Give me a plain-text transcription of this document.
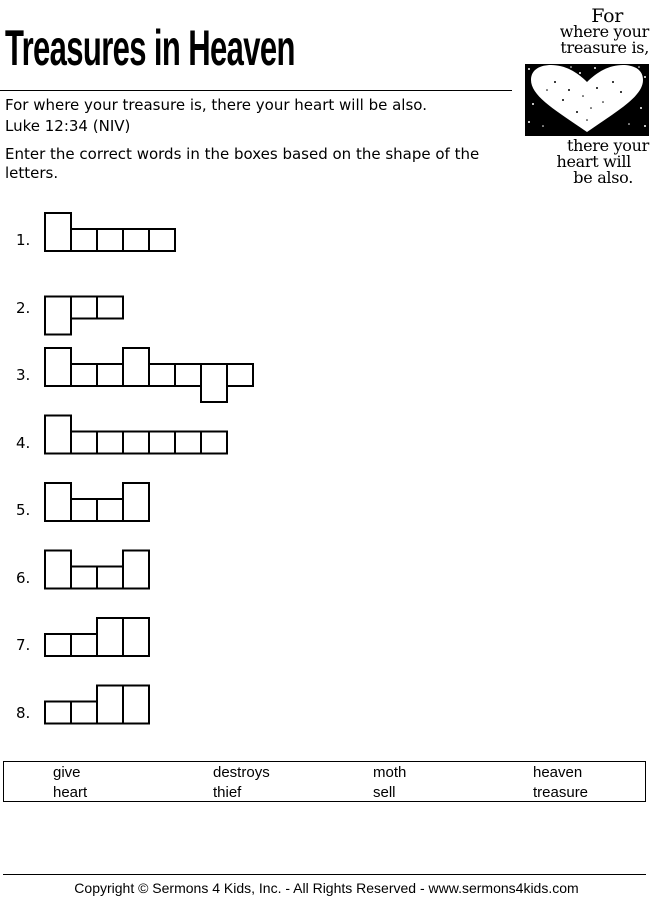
Treasures in Heaven
For where your treasure is, there your heart will be also.
Luke 12:34 (NIV)
Enter the correct words in the boxes based on the shape of the letters.
For
where your
treasure is,
there your
heart will
be also.
1.
2.
3.
4.
5.
6.
7.
8.
give	destroys	moth	heaven
heart	thief	sell	treasure
Copyright © Sermons 4 Kids, Inc. - All Rights Reserved - www.sermons4kids.com
